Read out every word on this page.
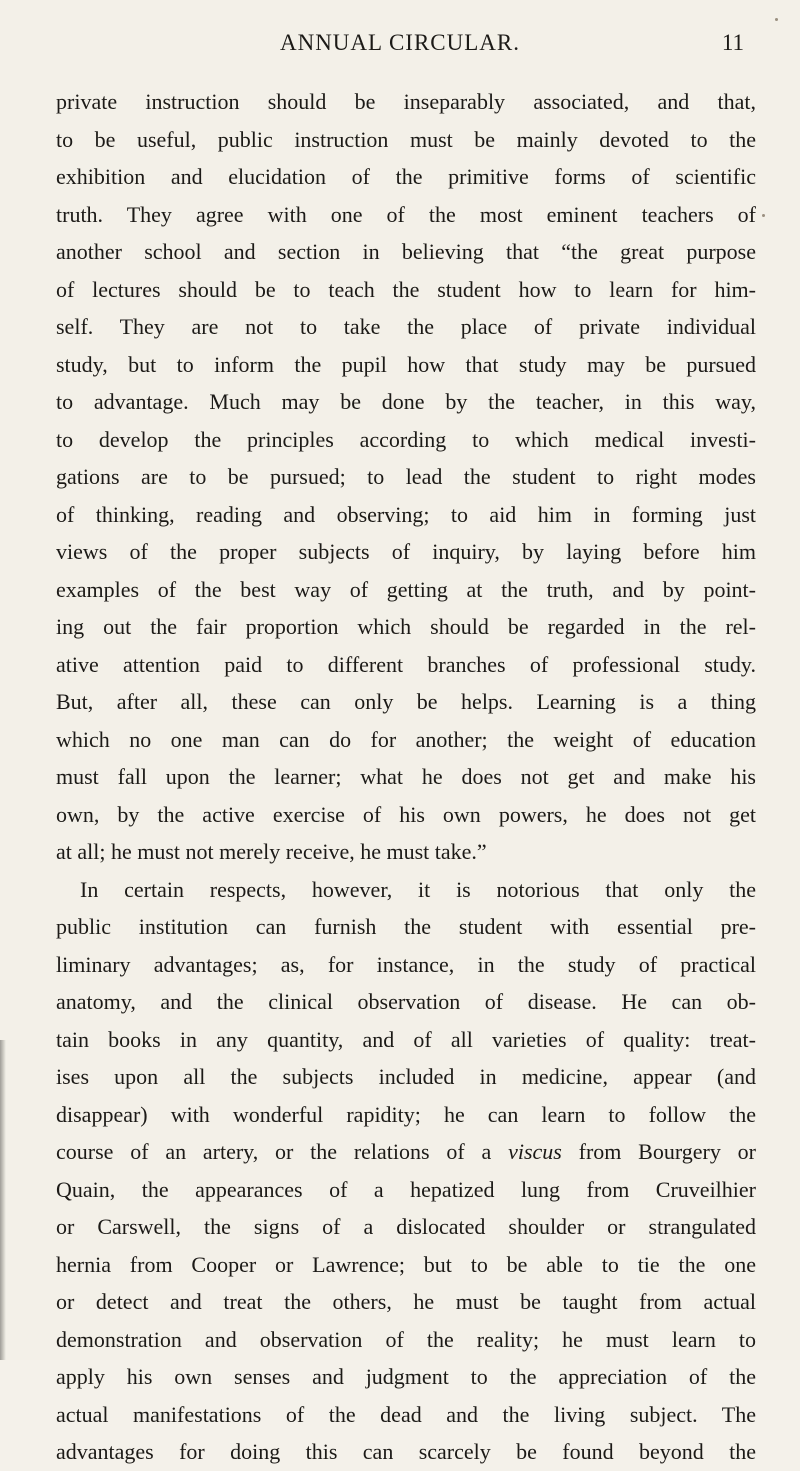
ANNUAL CIRCULAR.	11
private instruction should be inseparably associated, and that,
to be useful, public instruction must be mainly devoted to the
exhibition and elucidation of the primitive forms of scientific
truth. They agree with one of the most eminent teachers of
another school and section in believing that “the great purpose
of lectures should be to teach the student how to learn for him-
self. They are not to take the place of private individual
study, but to inform the pupil how that study may be pursued
to advantage. Much may be done by the teacher, in this way,
to develop the principles according to which medical investi-
gations are to be pursued; to lead the student to right modes
of thinking, reading and observing; to aid him in forming just
views of the proper subjects of inquiry, by laying before him
examples of the best way of getting at the truth, and by point-
ing out the fair proportion which should be regarded in the rel-
ative attention paid to different branches of professional study.
But, after all, these can only be helps. Learning is a thing
which no one man can do for another; the weight of education
must fall upon the learner; what he does not get and make his
own, by the active exercise of his own powers, he does not get
at all; he must not merely receive, he must take.”
In certain respects, however, it is notorious that only the
public institution can furnish the student with essential pre-
liminary advantages; as, for instance, in the study of practical
anatomy, and the clinical observation of disease. He can ob-
tain books in any quantity, and of all varieties of quality: treat-
ises upon all the subjects included in medicine, appear (and
disappear) with wonderful rapidity; he can learn to follow the
course of an artery, or the relations of a viscus from Bourgery or
Quain, the appearances of a hepatized lung from Cruveilhier
or Carswell, the signs of a dislocated shoulder or strangulated
hernia from Cooper or Lawrence; but to be able to tie the one
or detect and treat the others, he must be taught from actual
demonstration and observation of the reality; he must learn to
apply his own senses and judgment to the appreciation of the
actual manifestations of the dead and the living subject. The
advantages for doing this can scarcely be found beyond the
